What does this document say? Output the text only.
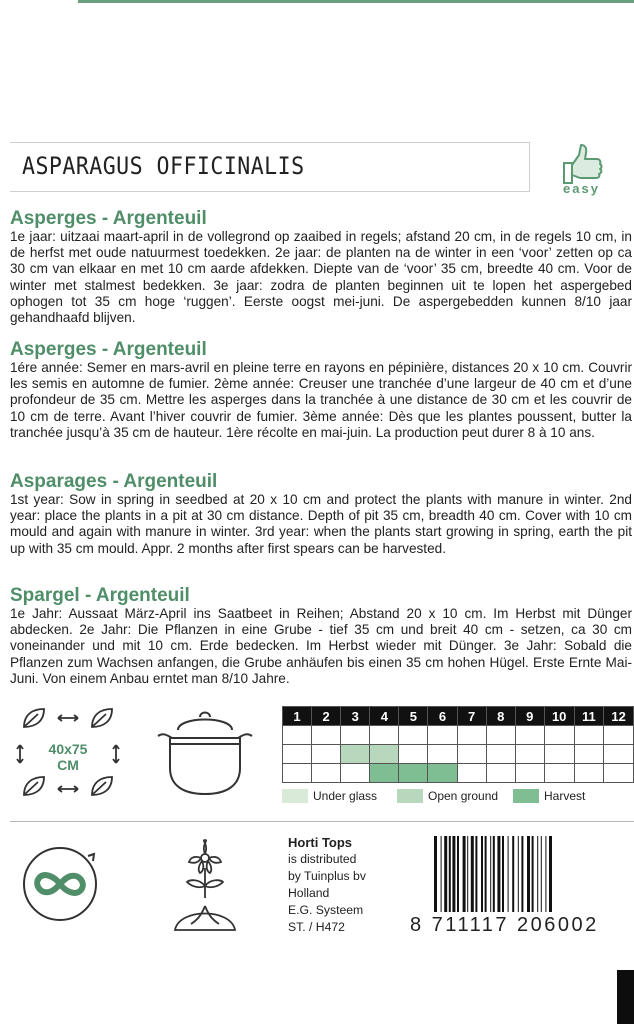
ASPARAGUS OFFICINALIS
easy
Asperges - Argenteuil

1e jaar: uitzaai maart-april in de vollegrond op zaaibed in regels; afstand 20 cm, in de regels 10 cm, in de herfst met oude natuurmest toedekken. 2e jaar: de planten na de winter in een ‘voor’ zetten op ca 30 cm van elkaar en met 10 cm aarde afdekken. Diepte van de ‘voor’ 35 cm, breedte 40 cm. Voor de winter met stalmest bedekken. 3e jaar: zodra de planten beginnen uit te lopen het aspergebed ophogen tot 35 cm hoge ‘ruggen’. Eerste oogst mei-juni. De aspergebedden kunnen 8/10 jaar gehandhaafd blijven.

Asperges - Argenteuil

1ére année: Semer en mars-avril en pleine terre en rayons en pépinière, distances 20 x 10 cm. Couvrir les semis en automne de fumier. 2ème année: Creuser une tranchée d’une largeur de 40 cm et d’une profondeur de 35 cm. Mettre les asperges dans la tranchée à une distance de 30 cm et les couvrir de 10 cm de terre. Avant l’hiver couvrir de fumier. 3ème année: Dès que les plantes poussent, butter la tranchée jusqu’à 35 cm de hauteur. 1ère récolte en mai-juin. La production peut durer 8 à 10 ans.

Asparages - Argenteuil

1st year: Sow in spring in seedbed at 20 x 10 cm and protect the plants with manure in winter. 2nd year: place the plants in a pit at 30 cm distance. Depth of pit 35 cm, breadth 40 cm. Cover with 10 cm mould and again with manure in winter. 3rd year: when the plants start growing in spring, earth the pit up with 35 cm mould. Appr. 2 months after first spears can be harvested.

Spargel - Argenteuil

1e Jahr: Aussaat März-April ins Saatbeet in Reihen; Abstand 20 x 10 cm. Im Herbst mit Dünger abdecken. 2e Jahr: Die Pflanzen in eine Grube - tief 35 cm und breit 40 cm - setzen, ca 30 cm voneinander und mit 10 cm. Erde bedecken. Im Herbst wieder mit Dünger. 3e Jahr: Sobald die Pflanzen zum Wachsen anfangen, die Grube anhäufen bis einen 35 cm hohen Hügel. Erste Ernte Mai-Juni. Von einem Anbau erntet man 8/10 Jahre.

40x75
CM
1	2	3	4	5	6	7	8	9	10	11	12

Under glass	Open ground	Harvest
Horti Tops
is distributed
by Tuinplus bv
Holland
E.G. Systeem
ST. / H472	8 711117 206002
